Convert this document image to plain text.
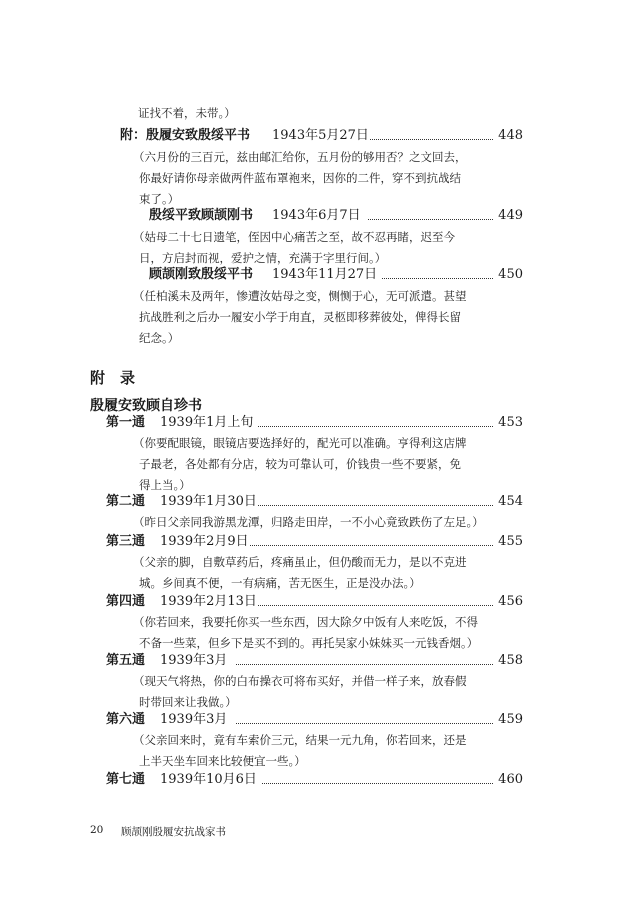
证找不着，未带。）
附：殷履安致殷绥平书 1943年5月27日	448
（六月份的三百元，兹由邮汇给你，五月份的够用否？之文回去，
你最好请你母亲做两件蓝布罩袍来，因你的二件，穿不到抗战结
束了。）
殷绥平致顾颉刚书 1943年6月7日	449
（姑母二十七日遗笔，侄因中心痛苦之至，故不忍再睹，迟至今
日，方启封而视，爱护之情，充满于字里行间。）
顾颉刚致殷绥平书 1943年11月27日	450
（任柏溪未及两年，惨遭汝姑母之变，恻恻于心，无可派遣。甚望
抗战胜利之后办一履安小学于甪直，灵柩即移葬彼处，俾得长留
纪念。）
附　录
殷履安致顾自珍书
第一通 1939年1月上旬	453
（你要配眼镜，眼镜店要选择好的，配光可以准确。亨得利这店牌
子最老，各处都有分店，较为可靠认可，价钱贵一些不要紧，免
得上当。）
第二通 1939年1月30日	454
（昨日父亲同我游黑龙潭，归路走田岸，一不小心竟致跌伤了左足。）
第三通 1939年2月9日	455
（父亲的脚，自敷草药后，疼痛虽止，但仍酸而无力，是以不克进
城。乡间真不便，一有病痛，苦无医生，正是没办法。）
第四通 1939年2月13日	456
（你若回来，我要托你买一些东西，因大除夕中饭有人来吃饭，不得
不备一些菜，但乡下是买不到的。再托吴家小妹妹买一元钱香烟。）
第五通 1939年3月	458
（现天气将热，你的白布操衣可将布买好，并借一样子来，放春假
时带回来让我做。）
第六通 1939年3月	459
（父亲回来时，竟有车索价三元，结果一元九角，你若回来，还是
上半天坐车回来比较便宜一些。）
第七通 1939年10月6日	460
20 顾颉刚殷履安抗战家书
